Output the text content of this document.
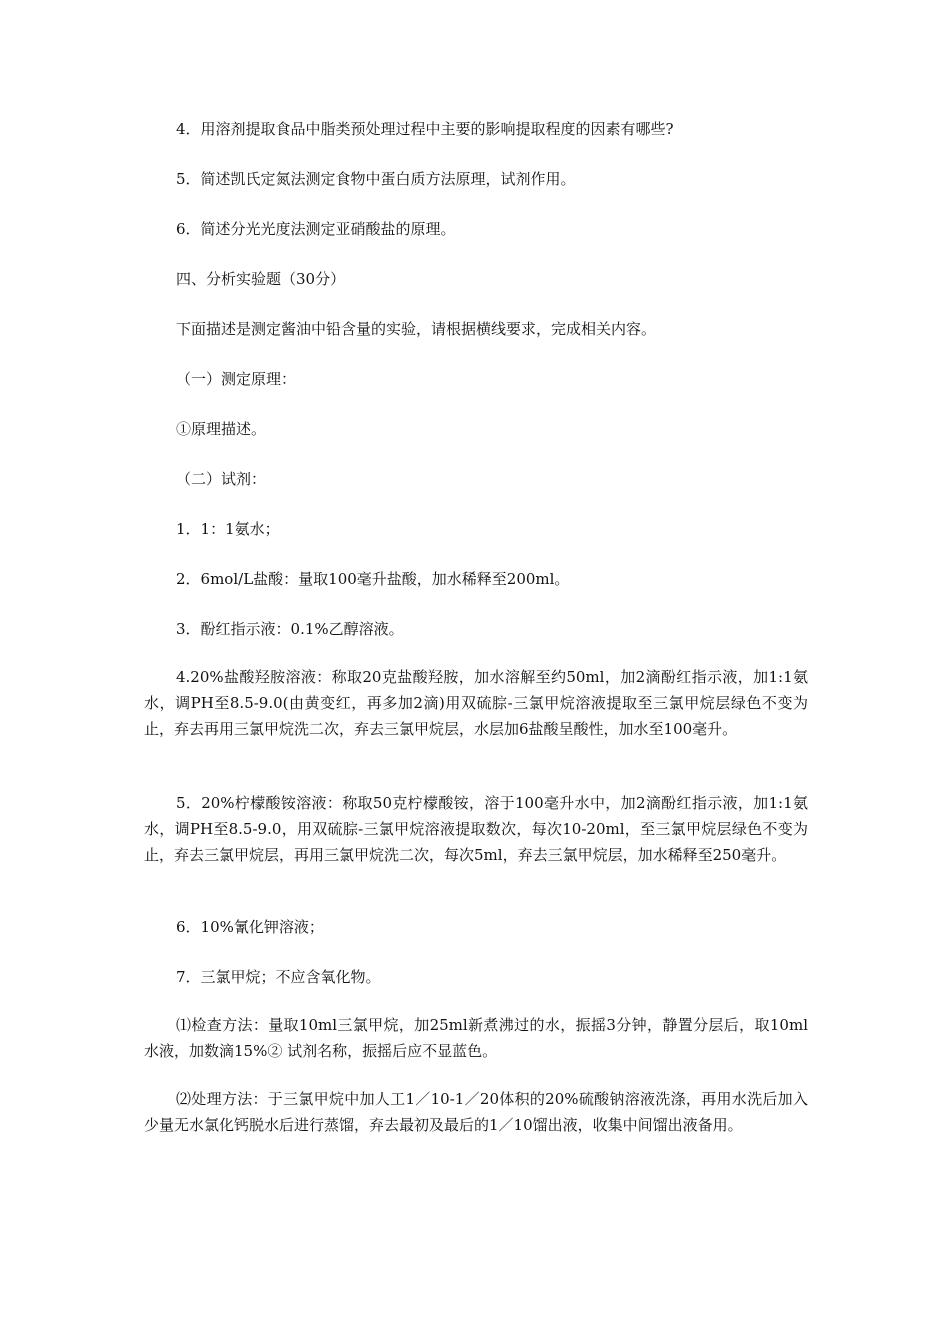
4．用溶剂提取食品中脂类预处理过程中主要的影响提取程度的因素有哪些?
5．简述凯氏定氮法测定食物中蛋白质方法原理，试剂作用。
6．简述分光光度法测定亚硝酸盐的原理。
四、分析实验题（30分）
下面描述是测定酱油中铅含量的实验，请根据横线要求，完成相关内容。
（一）测定原理：
①原理描述。
（二）试剂：
1．1：1氨水；
2．6mol/L盐酸：量取100毫升盐酸，加水稀释至200ml。
3．酚红指示液：0.1%乙醇溶液。
4.20%盐酸羟胺溶液：称取20克盐酸羟胺，加水溶解至约50ml，加2滴酚红指示液，加1:1氨水，调PH至8.5-9.0(由黄变红，再多加2滴)用双硫腙-三氯甲烷溶液提取至三氯甲烷层绿色不变为止，弃去再用三氯甲烷洗二次，弃去三氯甲烷层，水层加6盐酸呈酸性，加水至100毫升。
5．20%柠檬酸铵溶液：称取50克柠檬酸铵，溶于100毫升水中，加2滴酚红指示液，加1:1氨水，调PH至8.5-9.0，用双硫腙-三氯甲烷溶液提取数次，每次10-20ml，至三氯甲烷层绿色不变为止，弃去三氯甲烷层，再用三氯甲烷洗二次，每次5ml，弃去三氯甲烷层，加水稀释至250毫升。
6．10%氰化钾溶液；
7．三氯甲烷；不应含氧化物。
⑴检查方法：量取10ml三氯甲烷，加25ml新煮沸过的水，振摇3分钟，静置分层后，取10ml水液，加数滴15%② 试剂名称，振摇后应不显蓝色。
⑵处理方法：于三氯甲烷中加人工1／10-1／20体积的20%硫酸钠溶液洗涤，再用水洗后加入少量无水氯化钙脱水后进行蒸馏，弃去最初及最后的1／10馏出液，收集中间馏出液备用。
